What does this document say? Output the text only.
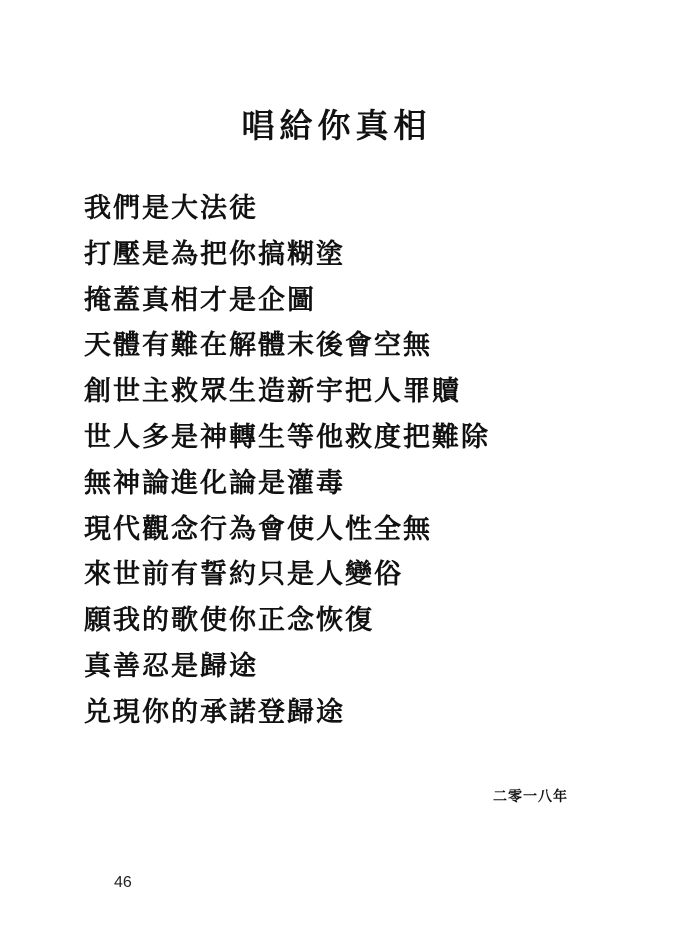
唱給你真相
我們是大法徒
打壓是為把你搞糊塗
掩蓋真相才是企圖
天體有難在解體末後會空無
創世主救眾生造新宇把人罪贖
世人多是神轉生等他救度把難除
無神論進化論是灌毒
現代觀念行為會使人性全無
來世前有誓約只是人變俗
願我的歌使你正念恢復
真善忍是歸途
兑現你的承諾登歸途
二零一八年
46
